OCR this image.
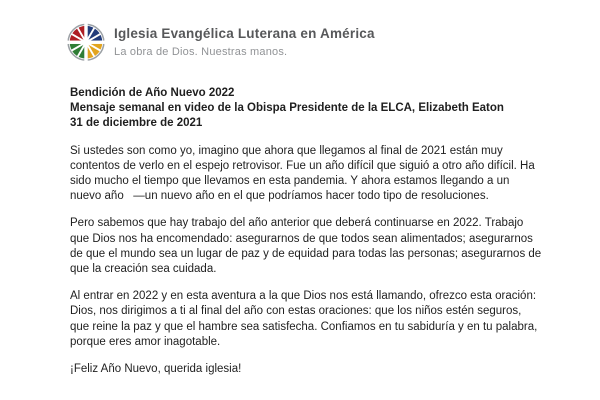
Iglesia Evangélica Luterana en América
La obra de Dios. Nuestras manos.

Bendición de Año Nuevo 2022

Mensaje semanal en video de la Obispa Presidente de la ELCA, Elizabeth Eaton

31 de diciembre de 2021

Si ustedes son como yo, imagino que ahora que llegamos al final de 2021 están muy contentos de verlo en el espejo retrovisor. Fue un año difícil que siguió a otro año difícil. Ha sido mucho el tiempo que llevamos en esta pandemia. Y ahora estamos llegando a un nuevo año   —un nuevo año en el que podríamos hacer todo tipo de resoluciones.

Pero sabemos que hay trabajo del año anterior que deberá continuarse en 2022. Trabajo que Dios nos ha encomendado: asegurarnos de que todos sean alimentados; asegurarnos de que el mundo sea un lugar de paz y de equidad para todas las personas; asegurarnos de que la creación sea cuidada.

Al entrar en 2022 y en esta aventura a la que Dios nos está llamando, ofrezco esta oración: Dios, nos dirigimos a ti al final del año con estas oraciones: que los niños estén seguros, que reine la paz y que el hambre sea satisfecha. Confiamos en tu sabiduría y en tu palabra, porque eres amor inagotable.

¡Feliz Año Nuevo, querida iglesia!
